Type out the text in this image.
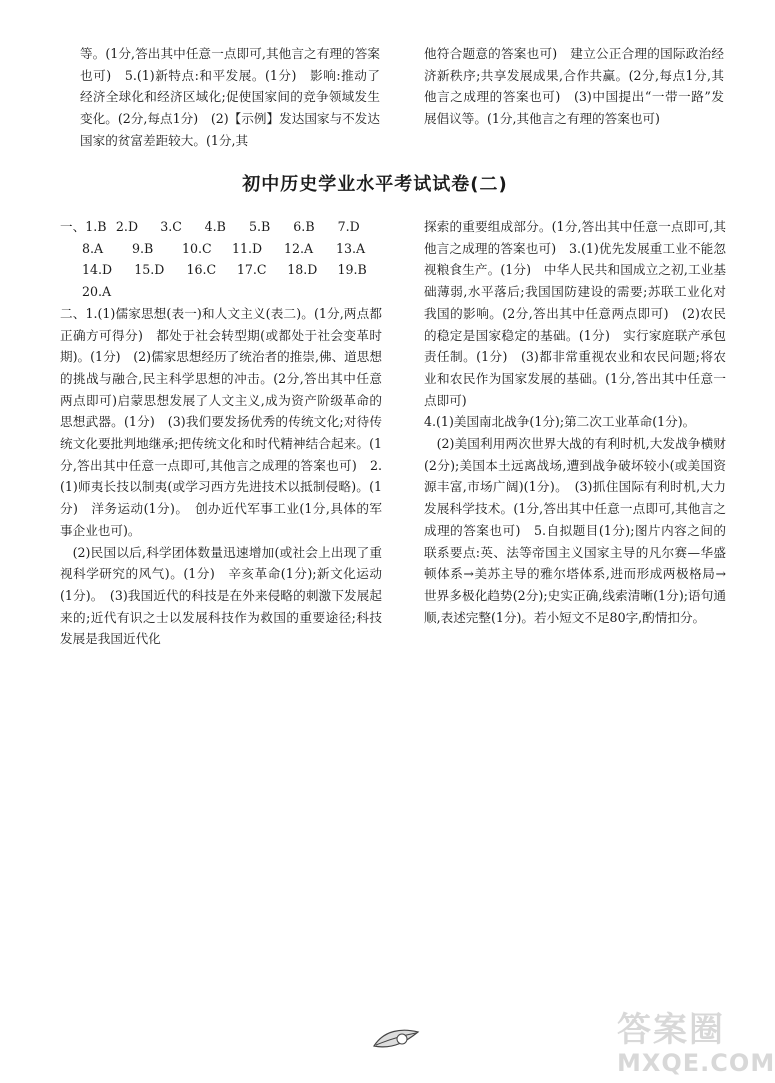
等。(1分,答出其中任意一点即可,其他言之有理的答案也可)　5.(1)新特点:和平发展。(1分)　影响:推动了经济全球化和经济区域化;促使国家间的竞争领域发生变化。(2分,每点1分)　(2)【示例】发达国家与不发达国家的贫富差距较大。(1分,其

他符合题意的答案也可)　建立公正合理的国际政治经济新秩序;共享发展成果,合作共赢。(2分,每点1分,其他言之成理的答案也可)　(3)中国提出“一带一路”发展倡议等。(1分,其他言之有理的答案也可)

初中历史学业水平考试试卷(二)
一、1.B 2.D	3.C	4.B	5.B	6.B	7.D
8.A	9.B	10.C	11.D	12.A	13.A
14.D	15.D	16.C	17.C	18.D	19.B
20.A

二、1.(1)儒家思想(表一)和人文主义(表二)。(1分,两点都正确方可得分)　都处于社会转型期(或都处于社会变革时期)。(1分)　(2)儒家思想经历了统治者的推崇,佛、道思想的挑战与融合,民主科学思想的冲击。(2分,答出其中任意两点即可)启蒙思想发展了人文主义,成为资产阶级革命的思想武器。(1分)　(3)我们要发扬优秀的传统文化;对待传统文化要批判地继承;把传统文化和时代精神结合起来。(1分,答出其中任意一点即可,其他言之成理的答案也可)　2.(1)师夷长技以制夷(或学习西方先进技术以抵制侵略)。(1分)　洋务运动(1分)。　创办近代军事工业(1分,具体的军事企业也可)。

(2)民国以后,科学团体数量迅速增加(或社会上出现了重视科学研究的风气)。(1分)　辛亥革命(1分);新文化运动(1分)。　(3)我国近代的科技是在外来侵略的刺激下发展起来的;近代有识之士以发展科技作为救国的重要途径;科技发展是我国近代化

探索的重要组成部分。(1分,答出其中任意一点即可,其他言之成理的答案也可)　3.(1)优先发展重工业不能忽视粮食生产。(1分)　中华人民共和国成立之初,工业基础薄弱,水平落后;我国国防建设的需要;苏联工业化对我国的影响。(2分,答出其中任意两点即可)　(2)农民的稳定是国家稳定的基础。(1分)　实行家庭联产承包责任制。(1分)　(3)都非常重视农业和农民问题;将农业和农民作为国家发展的基础。(1分,答出其中任意一点即可)

4.(1)美国南北战争(1分);第二次工业革命(1分)。

(2)美国利用两次世界大战的有利时机,大发战争横财(2分);美国本土远离战场,遭到战争破坏较小(或美国资源丰富,市场广阔)(1分)。　(3)抓住国际有利时机,大力发展科学技术。(1分,答出其中任意一点即可,其他言之成理的答案也可)　5.自拟题目(1分);图片内容之间的联系要点:英、法等帝国主义国家主导的凡尔赛—华盛顿体系→美苏主导的雅尔塔体系,进而形成两极格局→世界多极化趋势(2分);史实正确,线索清晰(1分);语句通顺,表述完整(1分)。若小短文不足80字,酌情扣分。

答案圈
MXQE.COM
